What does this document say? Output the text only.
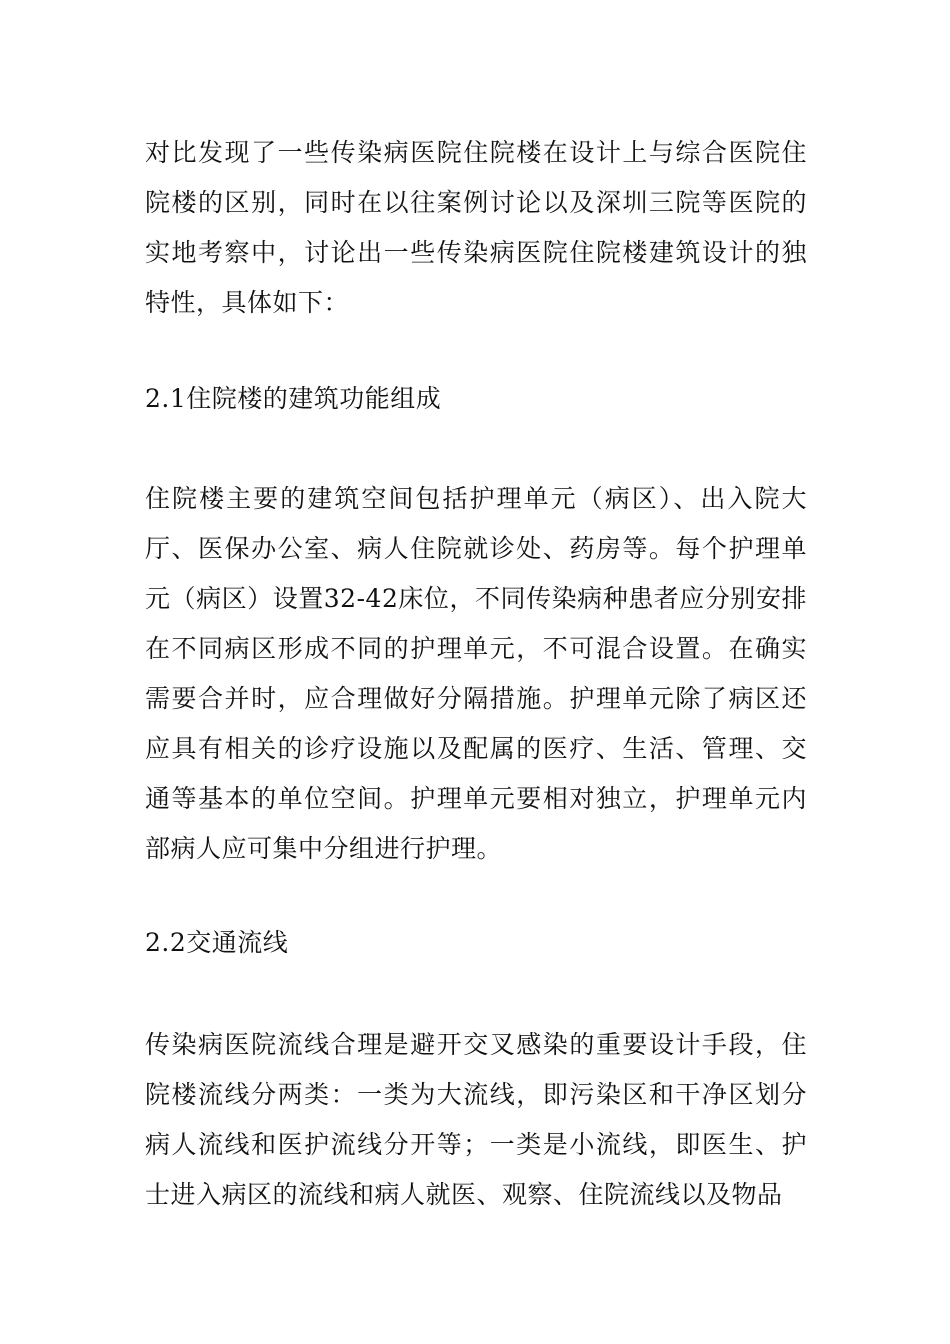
对比发现了一些传染病医院住院楼在设计上与综合医院住院楼的区别，同时在以往案例讨论以及深圳三院等医院的实地考察中，讨论出一些传染病医院住院楼建筑设计的独特性，具体如下：

2.1住院楼的建筑功能组成

住院楼主要的建筑空间包括护理单元（病区）、出入院大厅、医保办公室、病人住院就诊处、药房等。每个护理单元（病区）设置32-42床位，不同传染病种患者应分别安排在不同病区形成不同的护理单元，不可混合设置。在确实需要合并时，应合理做好分隔措施。护理单元除了病区还应具有相关的诊疗设施以及配属的医疗、生活、管理、交通等基本的单位空间。护理单元要相对独立，护理单元内部病人应可集中分组进行护理。

2.2交通流线

传染病医院流线合理是避开交叉感染的重要设计手段，住院楼流线分两类：一类为大流线，即污染区和干净区划分病人流线和医护流线分开等；一类是小流线，即医生、护士进入病区的流线和病人就医、观察、住院流线以及物品
